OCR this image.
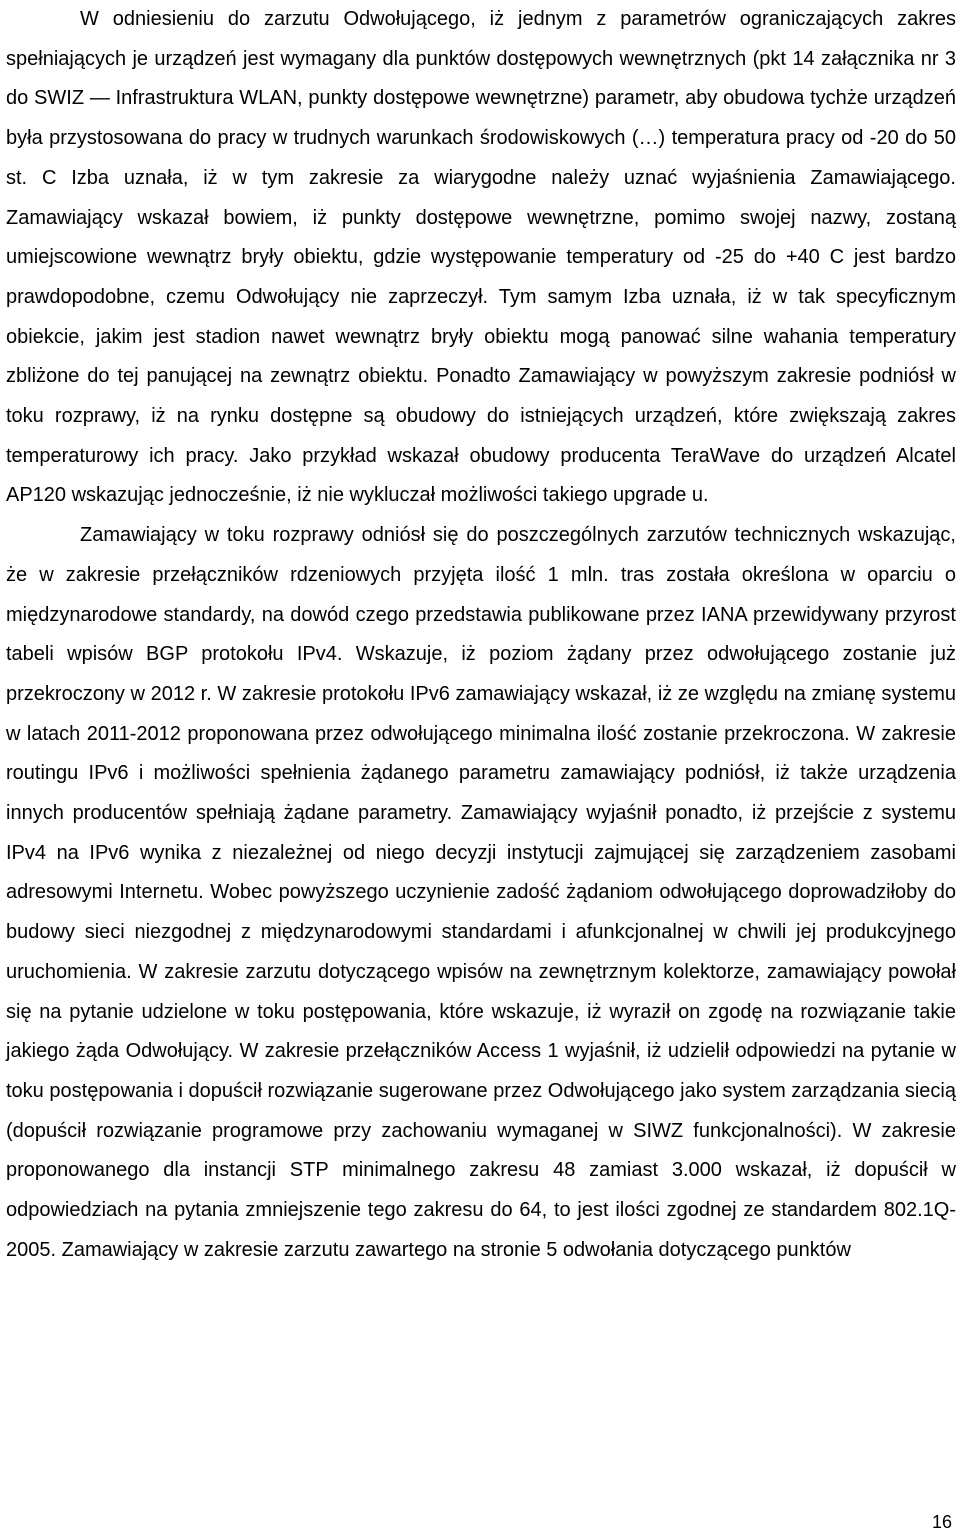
W odniesieniu do zarzutu Odwołującego, iż jednym z parametrów ograniczających zakres spełniających je urządzeń jest wymagany dla punktów dostępowych wewnętrznych (pkt 14 załącznika nr 3 do SWIZ — Infrastruktura WLAN, punkty dostępowe wewnętrzne) parametr, aby obudowa tychże urządzeń była przystosowana do pracy w trudnych warunkach środowiskowych (…) temperatura pracy od -20 do 50 st. C Izba uznała, iż w tym zakresie za wiarygodne należy uznać wyjaśnienia Zamawiającego. Zamawiający wskazał bowiem, iż punkty dostępowe wewnętrzne, pomimo swojej nazwy, zostaną umiejscowione wewnątrz bryły obiektu, gdzie występowanie temperatury od -25 do +40 C jest bardzo prawdopodobne, czemu Odwołujący nie zaprzeczył. Tym samym Izba uznała, iż w tak specyficznym obiekcie, jakim jest stadion nawet wewnątrz bryły obiektu mogą panować silne wahania temperatury zbliżone do tej panującej na zewnątrz obiektu. Ponadto Zamawiający w powyższym zakresie podniósł w toku rozprawy, iż na rynku dostępne są obudowy do istniejących urządzeń, które zwiększają zakres temperaturowy ich pracy. Jako przykład wskazał obudowy producenta TeraWave do urządzeń Alcatel AP120 wskazując jednocześnie, iż nie wykluczał możliwości takiego upgrade u.

Zamawiający w toku rozprawy odniósł się do poszczególnych zarzutów technicznych wskazując, że w zakresie przełączników rdzeniowych przyjęta ilość 1 mln. tras została określona w oparciu o międzynarodowe standardy, na dowód czego przedstawia publikowane przez IANA przewidywany przyrost tabeli wpisów BGP protokołu IPv4. Wskazuje, iż poziom żądany przez odwołującego zostanie już przekroczony w 2012 r. W zakresie protokołu IPv6 zamawiający wskazał, iż ze względu na zmianę systemu w latach 2011-2012 proponowana przez odwołującego minimalna ilość zostanie przekroczona. W zakresie routingu IPv6 i możliwości spełnienia żądanego parametru zamawiający podniósł, iż także urządzenia innych producentów spełniają żądane parametry. Zamawiający wyjaśnił ponadto, iż przejście z systemu IPv4 na IPv6 wynika z niezależnej od niego decyzji instytucji zajmującej się zarządzeniem zasobami adresowymi Internetu. Wobec powyższego uczynienie zadość żądaniom odwołującego doprowadziłoby do budowy sieci niezgodnej z międzynarodowymi standardami i afunkcjonalnej w chwili jej produkcyjnego uruchomienia. W zakresie zarzutu dotyczącego wpisów na zewnętrznym kolektorze, zamawiający powołał się na pytanie udzielone w toku postępowania, które wskazuje, iż wyraził on zgodę na rozwiązanie takie jakiego żąda Odwołujący. W zakresie przełączników Access 1 wyjaśnił, iż udzielił odpowiedzi na pytanie w toku postępowania i dopuścił rozwiązanie sugerowane przez Odwołującego jako system zarządzania siecią (dopuścił rozwiązanie programowe przy zachowaniu wymaganej w SIWZ funkcjonalności). W zakresie proponowanego dla instancji STP minimalnego zakresu 48 zamiast 3.000 wskazał, iż dopuścił w odpowiedziach na pytania zmniejszenie tego zakresu do 64, to jest ilości zgodnej ze standardem 802.1Q-2005. Zamawiający w zakresie zarzutu zawartego na stronie 5 odwołania dotyczącego punktów

16
